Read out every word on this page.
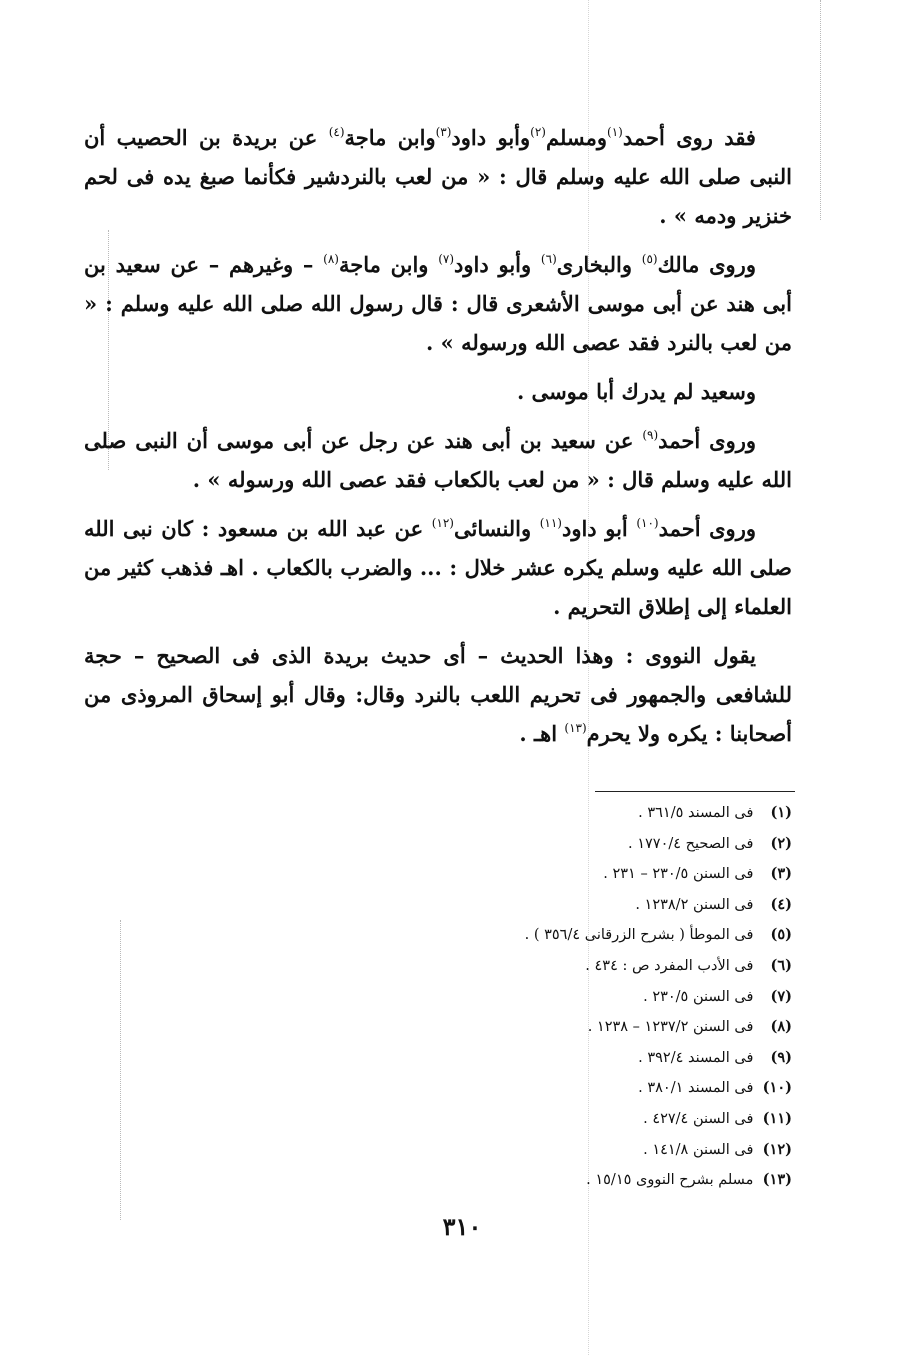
فقد روى أحمد$^{(١)}$ومسلم$^{(٢)}$وأبو داود$^{(٣)}$وابن ماجة$^{(٤)}$ عن بريدة بن الحصيب أن النبى صلى الله عليه وسلم قال : « من لعب بالنردشير فكأنما صبغ يده فى لحم خنزير ودمه » .

وروى مالك$^{(٥)}$ والبخارى$^{(٦)}$ وأبو داود$^{(٧)}$ وابن ماجة$^{(٨)}$ – وغيرهم – عن سعيد بن أبى هند عن أبى موسى الأشعرى قال : قال رسول الله صلى الله عليه وسلم : « من لعب بالنرد فقد عصى الله ورسوله » .

وسعيد لم يدرك أبا موسى .

وروى أحمد$^{(٩)}$ عن سعيد بن أبى هند عن رجل عن أبى موسى أن النبى صلى الله عليه وسلم قال : « من لعب بالكعاب فقد عصى الله ورسوله » .

وروى أحمد$^{(١٠)}$ أبو داود$^{(١١)}$ والنسائى$^{(١٢)}$ عن عبد الله بن مسعود : كان نبى الله صلى الله عليه وسلم يكره عشر خلال : ... والضرب بالكعاب . اهـ فذهب كثير من العلماء إلى إطلاق التحريم .

يقول النووى : وهذا الحديث – أى حديث بريدة الذى فى الصحيح – حجة للشافعى والجمهور فى تحريم اللعب بالنرد وقال: وقال أبو إسحاق المروذى من أصحابنا : يكره ولا يحرم$^{(١٣)}$ اهـ .

(١) فى المسند ٣٦١/٥ .
(٢) فى الصحيح ١٧٧٠/٤ .
(٣) فى السنن ٢٣٠/٥ – ٢٣١ .
(٤) فى السنن ١٢٣٨/٢ .
(٥) فى الموطأ ( بشرح الزرقانى ٣٥٦/٤ ) .
(٦) فى الأدب المفرد ص : ٤٣٤ .
(٧) فى السنن ٢٣٠/٥ .
(٨) فى السنن ١٢٣٧/٢ – ١٢٣٨ .
(٩) فى المسند ٣٩٢/٤ .
(١٠) فى المسند ٣٨٠/١ .
(١١) فى السنن ٤٢٧/٤ .
(١٢) فى السنن ١٤١/٨ .
(١٣) مسلم بشرح النووى ١٥/١٥ .
٣١٠
